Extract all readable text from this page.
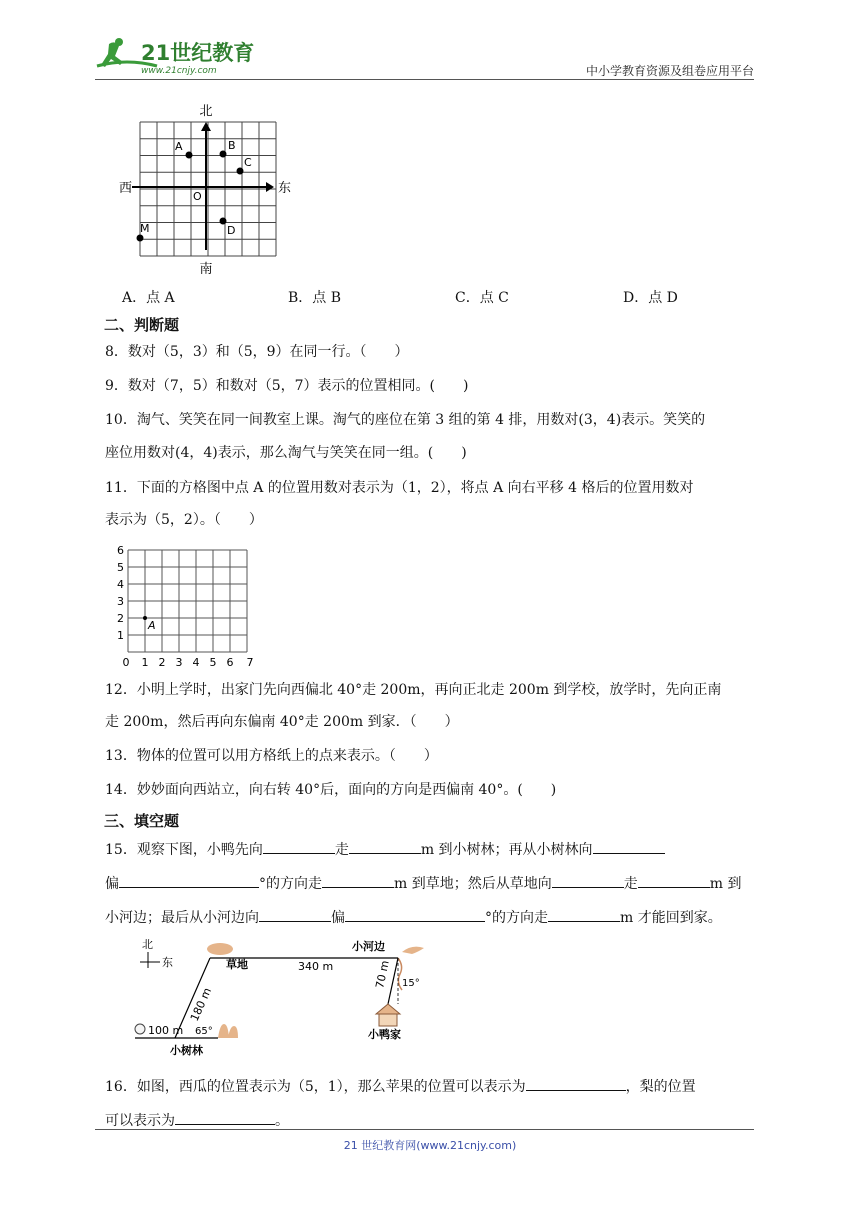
21世纪教育
www.21cnjy.com	中小学教育资源及组卷应用平台
北
南
西	东
O
A	B
C
D
M
A．点 A	B．点 B	C．点 C	D．点 D
二、判断题
8．数对（5，3）和（5，9）在同一行。（　　）
9．数对（7，5）和数对（5，7）表示的位置相同。(　　)
10．淘气、笑笑在同一间教室上课。淘气的座位在第 3 组的第 4 排，用数对(3，4)表示。笑笑的
座位用数对(4，4)表示，那么淘气与笑笑在同一组。(　　)
11．下面的方格图中点 A 的位置用数对表示为（1，2），将点 A 向右平移 4 格后的位置用数对
表示为（5，2）。（　　）
0 1 2 3 4 5 6 7
1
2
3
4
5
6
A
12．小明上学时，出家门先向西偏北 40°走 200m，再向正北走 200m 到学校，放学时，先向正南
走 200m，然后再向东偏南 40°走 200m 到家．（　　）
13．物体的位置可以用方格纸上的点来表示。（　　）
14．妙妙面向西站立，向右转 40°后，面向的方向是西偏南 40°。(　　)
三、填空题
15．观察下图，小鸭先向	走	m 到小树林；再从小树林向
偏	°的方向走	m 到草地；然后从草地向	走	m 到
小河边；最后从小河边向	偏	°的方向走	m 才能回到家。
北
东	草地	340 m
小河边
70 m 15°
小鸭家
180 m
100 m 65°
小树林
16．如图，西瓜的位置表示为（5，1），那么苹果的位置可以表示为	，梨的位置
可以表示为	。
21 世纪教育网(www.21cnjy.com)
